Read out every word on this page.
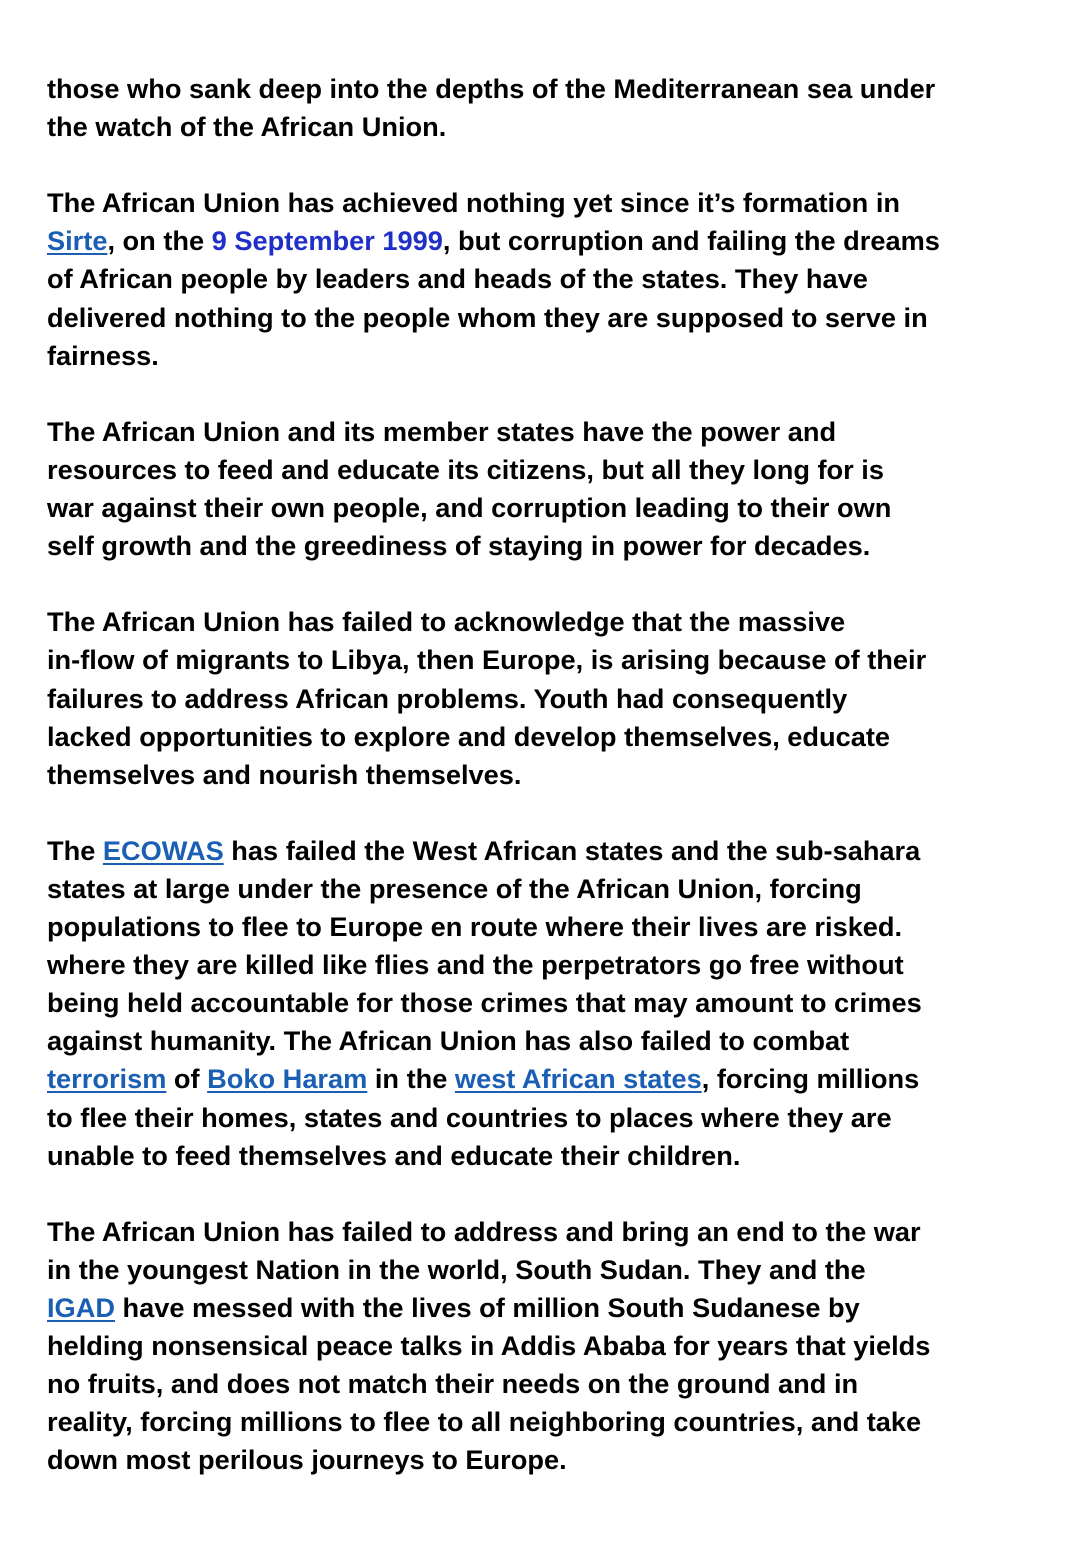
those who sank deep into the depths of the Mediterranean sea under
the watch of the African Union.

The African Union has achieved nothing yet since it’s formation in
Sirte, on the 9 September 1999, but corruption and failing the dreams
of African people by leaders and heads of the states. They have
delivered nothing to the people whom they are supposed to serve in
fairness.

The African Union and its member states have the power and
resources to feed and educate its citizens, but all they long for is
war against their own people, and corruption leading to their own
self growth and the greediness of staying in power for decades.

The African Union has failed to acknowledge that the massive
in-flow of migrants to Libya, then Europe, is arising because of their
failures to address African problems. Youth had consequently
lacked opportunities to explore and develop themselves, educate
themselves and nourish themselves.

The ECOWAS has failed the West African states and the sub-sahara
states at large under the presence of the African Union, forcing
populations to flee to Europe en route where their lives are risked.
where they are killed like flies and the perpetrators go free without
being held accountable for those crimes that may amount to crimes
against humanity. The African Union has also failed to combat
terrorism of Boko Haram in the west African states, forcing millions
to flee their homes, states and countries to places where they are
unable to feed themselves and educate their children.

The African Union has failed to address and bring an end to the war
in the youngest Nation in the world, South Sudan. They and the
IGAD have messed with the lives of million South Sudanese by
helding nonsensical peace talks in Addis Ababa for years that yields
no fruits, and does not match their needs on the ground and in
reality, forcing millions to flee to all neighboring countries, and take
down most perilous journeys to Europe.
